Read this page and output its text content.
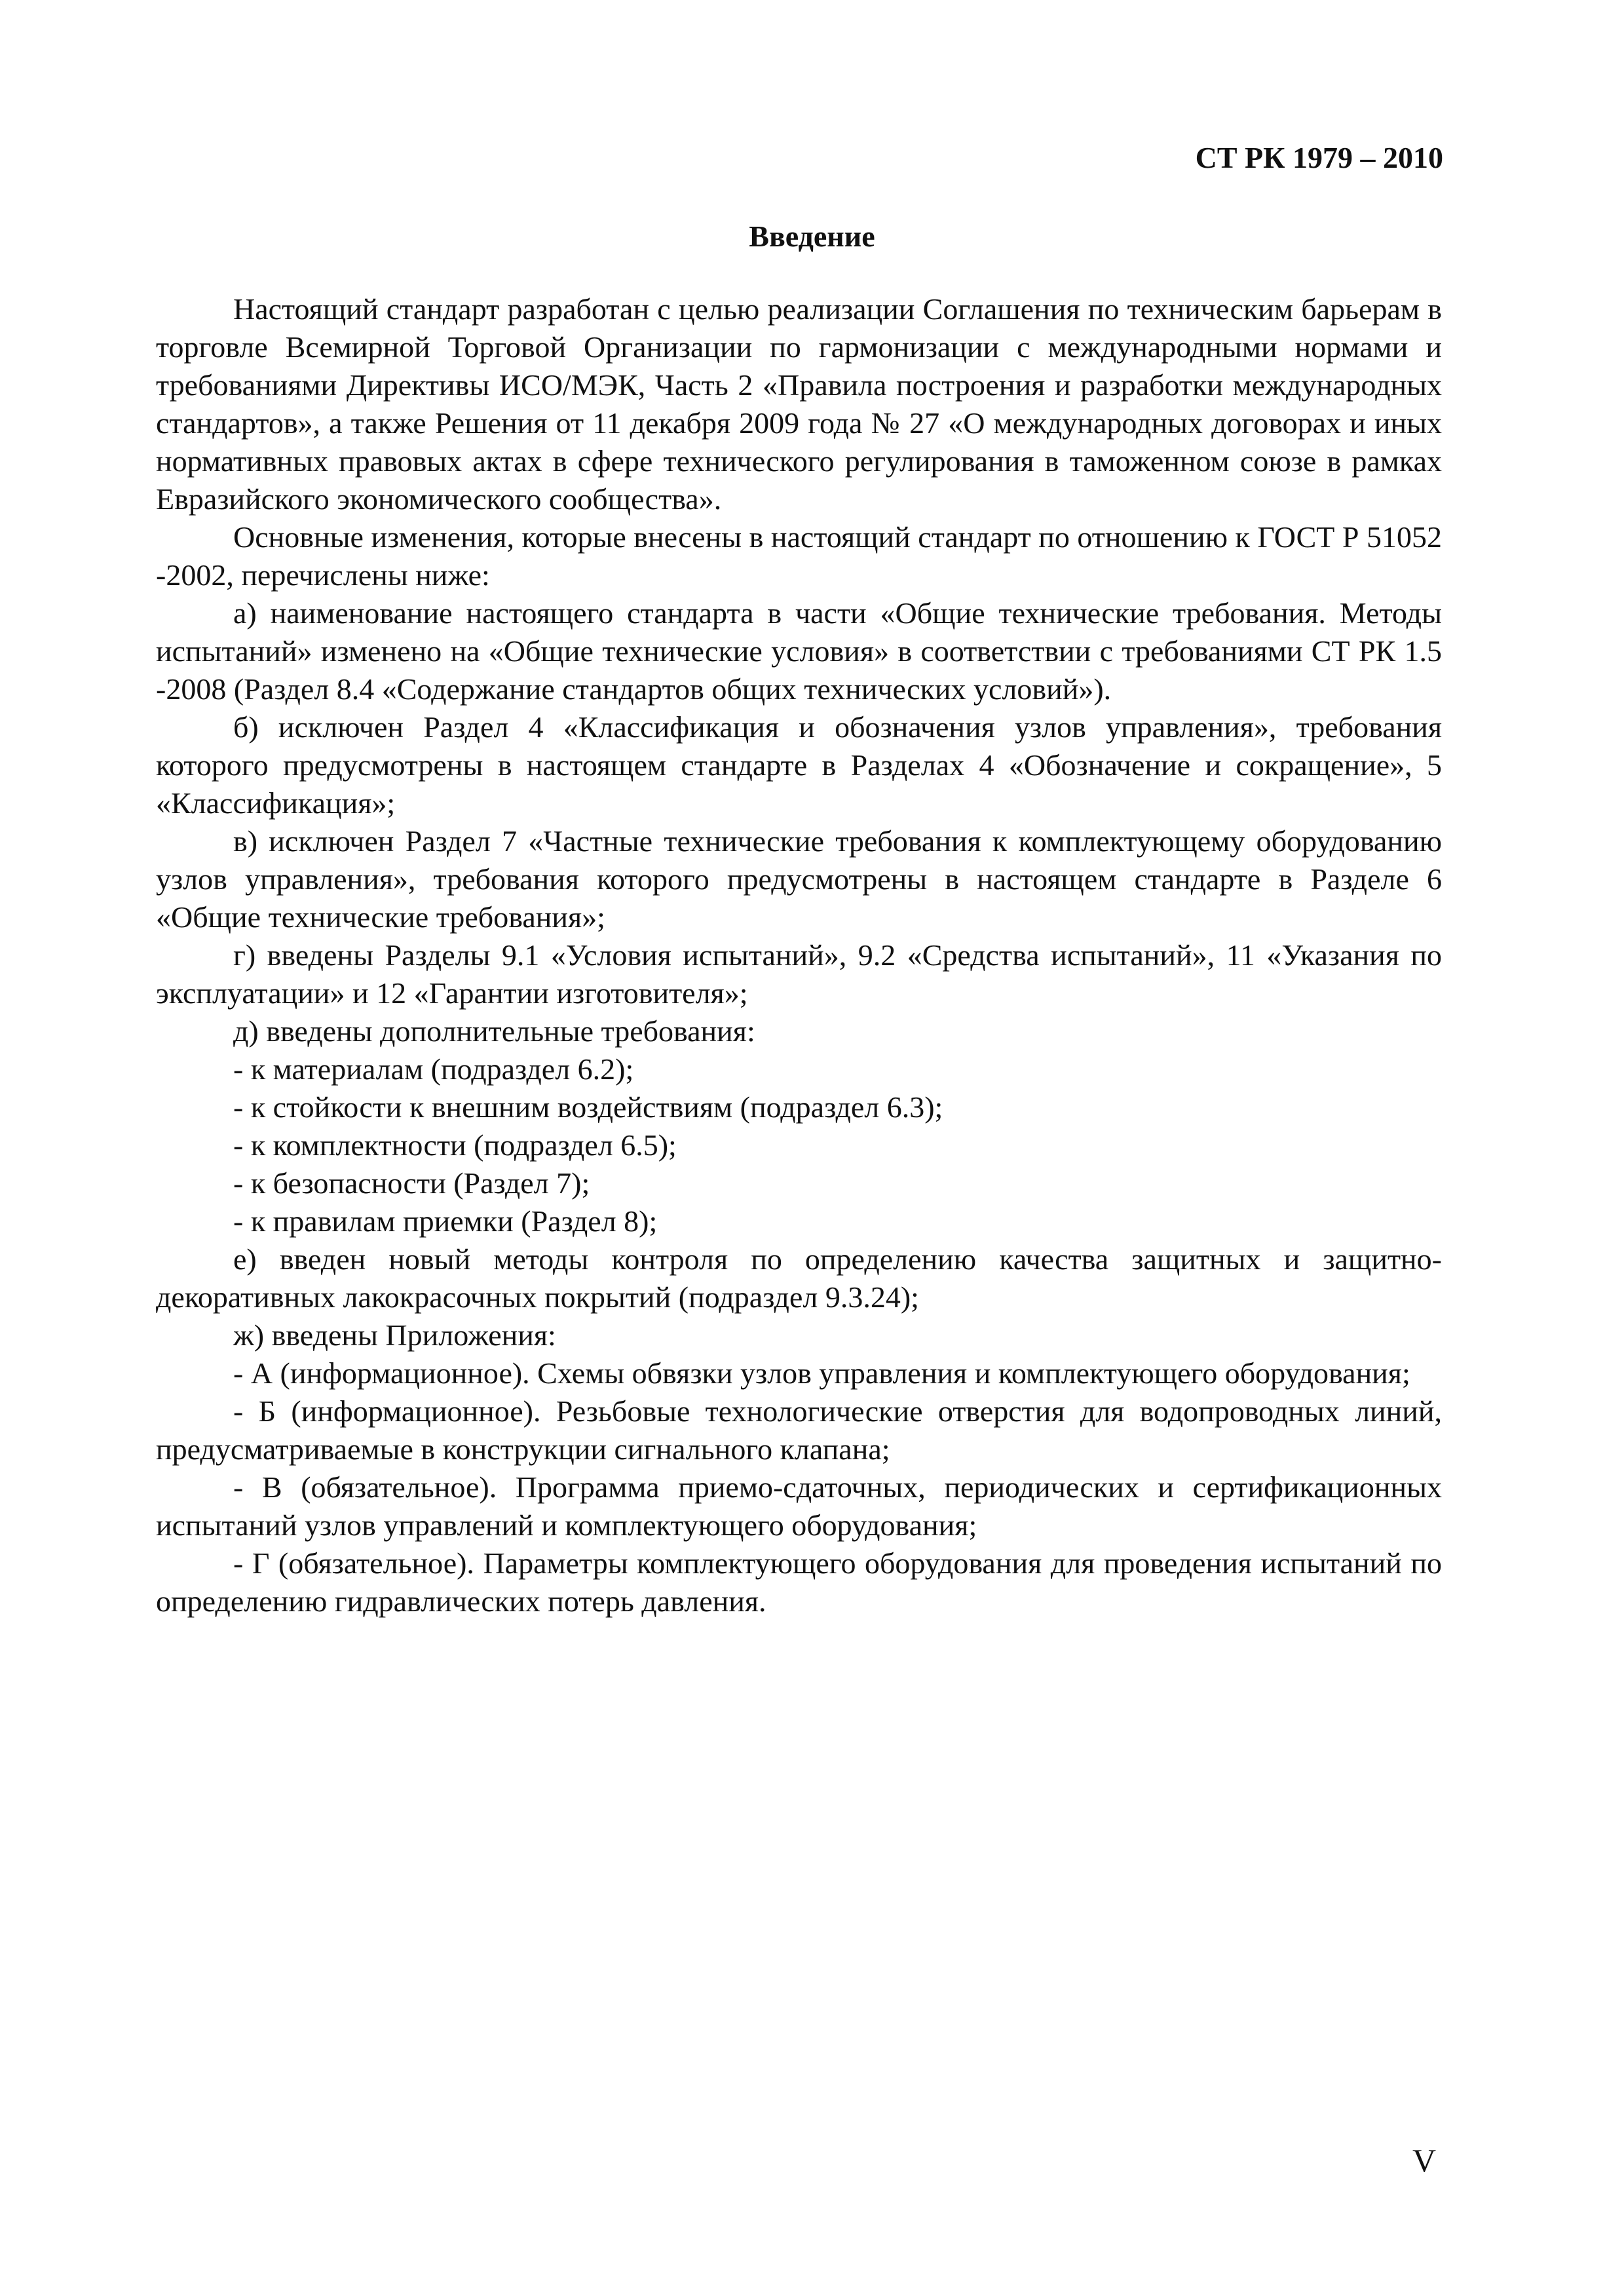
СТ РК 1979 – 2010
Введение

Настоящий стандарт разработан с целью реализации Соглашения по техническим барьерам в торговле Всемирной Торговой Организации по гармонизации с международными нормами и требованиями Директивы ИСО/МЭК, Часть 2 «Правила построения и разработки международных стандартов», а также Решения от 11 декабря 2009 года № 27 «О международных договорах и иных нормативных правовых актах в сфере технического регулирования в таможенном союзе в рамках Евразийского экономического сообщества».

Основные изменения, которые внесены в настоящий стандарт по отношению к ГОСТ Р 51052 -2002, перечислены ниже:

а) наименование настоящего стандарта в части «Общие технические требования. Методы испытаний» изменено на «Общие технические условия» в соответствии с требованиями СТ РК 1.5 -2008 (Раздел 8.4 «Содержание стандартов общих технических условий»).

б) исключен Раздел 4 «Классификация и обозначения узлов управления», требования которого предусмотрены в настоящем стандарте в Разделах 4 «Обозначение и сокращение», 5 «Классификация»;

в) исключен Раздел 7 «Частные технические требования к комплектующему оборудованию узлов управления», требования которого предусмотрены в настоящем стандарте в Разделе 6 «Общие технические требования»;

г) введены Разделы 9.1 «Условия испытаний», 9.2 «Средства испытаний», 11 «Указания по эксплуатации» и 12 «Гарантии изготовителя»;

д) введены дополнительные требования:

- к материалам (подраздел 6.2);

- к стойкости к внешним воздействиям (подраздел 6.3);

- к комплектности (подраздел 6.5);

- к безопасности (Раздел 7);

- к правилам приемки (Раздел 8);

е) введен новый методы контроля по определению качества защитных и защитно-декоративных лакокрасочных покрытий (подраздел 9.3.24);

ж) введены Приложения:

- А (информационное). Схемы обвязки узлов управления и комплектующего оборудования;

- Б (информационное). Резьбовые технологические отверстия для водопроводных линий, предусматриваемые в конструкции сигнального клапана;

- В (обязательное). Программа приемо-сдаточных, периодических и сертификационных испытаний узлов управлений и комплектующего оборудования;

- Г (обязательное). Параметры комплектующего оборудования для проведения испытаний по определению гидравлических потерь давления.

V
